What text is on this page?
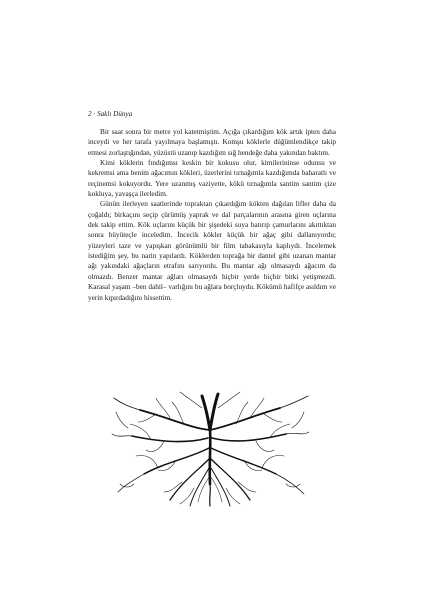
2 · Saklı Dünya

Bir saat sonra bir metre yol katetmiştim. Açığa çıkardığım kök artık ipten daha inceydi ve her tarafa yayılmaya başlamıştı. Komşu köklerle düğümlendikçe takip etmesi zorlaştığından, yüzüstü uzanıp kazdığım sığ hendeğe daha yakından baktım.

Kimi köklerin fındığımsı keskin bir kokusu olur, kimilerininse odunsu ve kekremsi ama benim ağacımın kökleri, üzerlerini tırnağımla kazdığımda baharatlı ve reçinemsi kokuyordu. Yere uzanmış vaziyette, kökü tırnağımla santim santim çize kokluya, yavaşça ilerledim.

Günün ilerleyen saatlerinde topraktan çıkardığım kökten dağılan lifler daha da çoğaldı; birkaçını seçip çürümüş yaprak ve dal parçalarının arasına giren uçlarına dek takip ettim. Kök uçlarını küçük bir şişedeki suya batırıp çamurlarını akıttıktan sonra büyüteçle inceledim. İncecik kökler küçük bir ağaç gibi dallanıyordu; yüzeyleri taze ve yapışkan görünümlü bir film tabakasıyla kaplıydı. İncelemek istediğim şey, bu narin yapılardı. Köklerden toprağa bir dantel gibi uzanan mantar ağı yakındaki ağaçların etrafını sarıyordu. Bu mantar ağı olmasaydı ağacım da olmazdı. Benzer mantar ağları olmasaydı hiçbir yerde hiçbir bitki yetişmezdi. Karasal yaşam –ben dahil– varlığını bu ağlara borçluydu. Kökümü hafifçe asıldım ve yerin kıpırdadığını hissettim.
